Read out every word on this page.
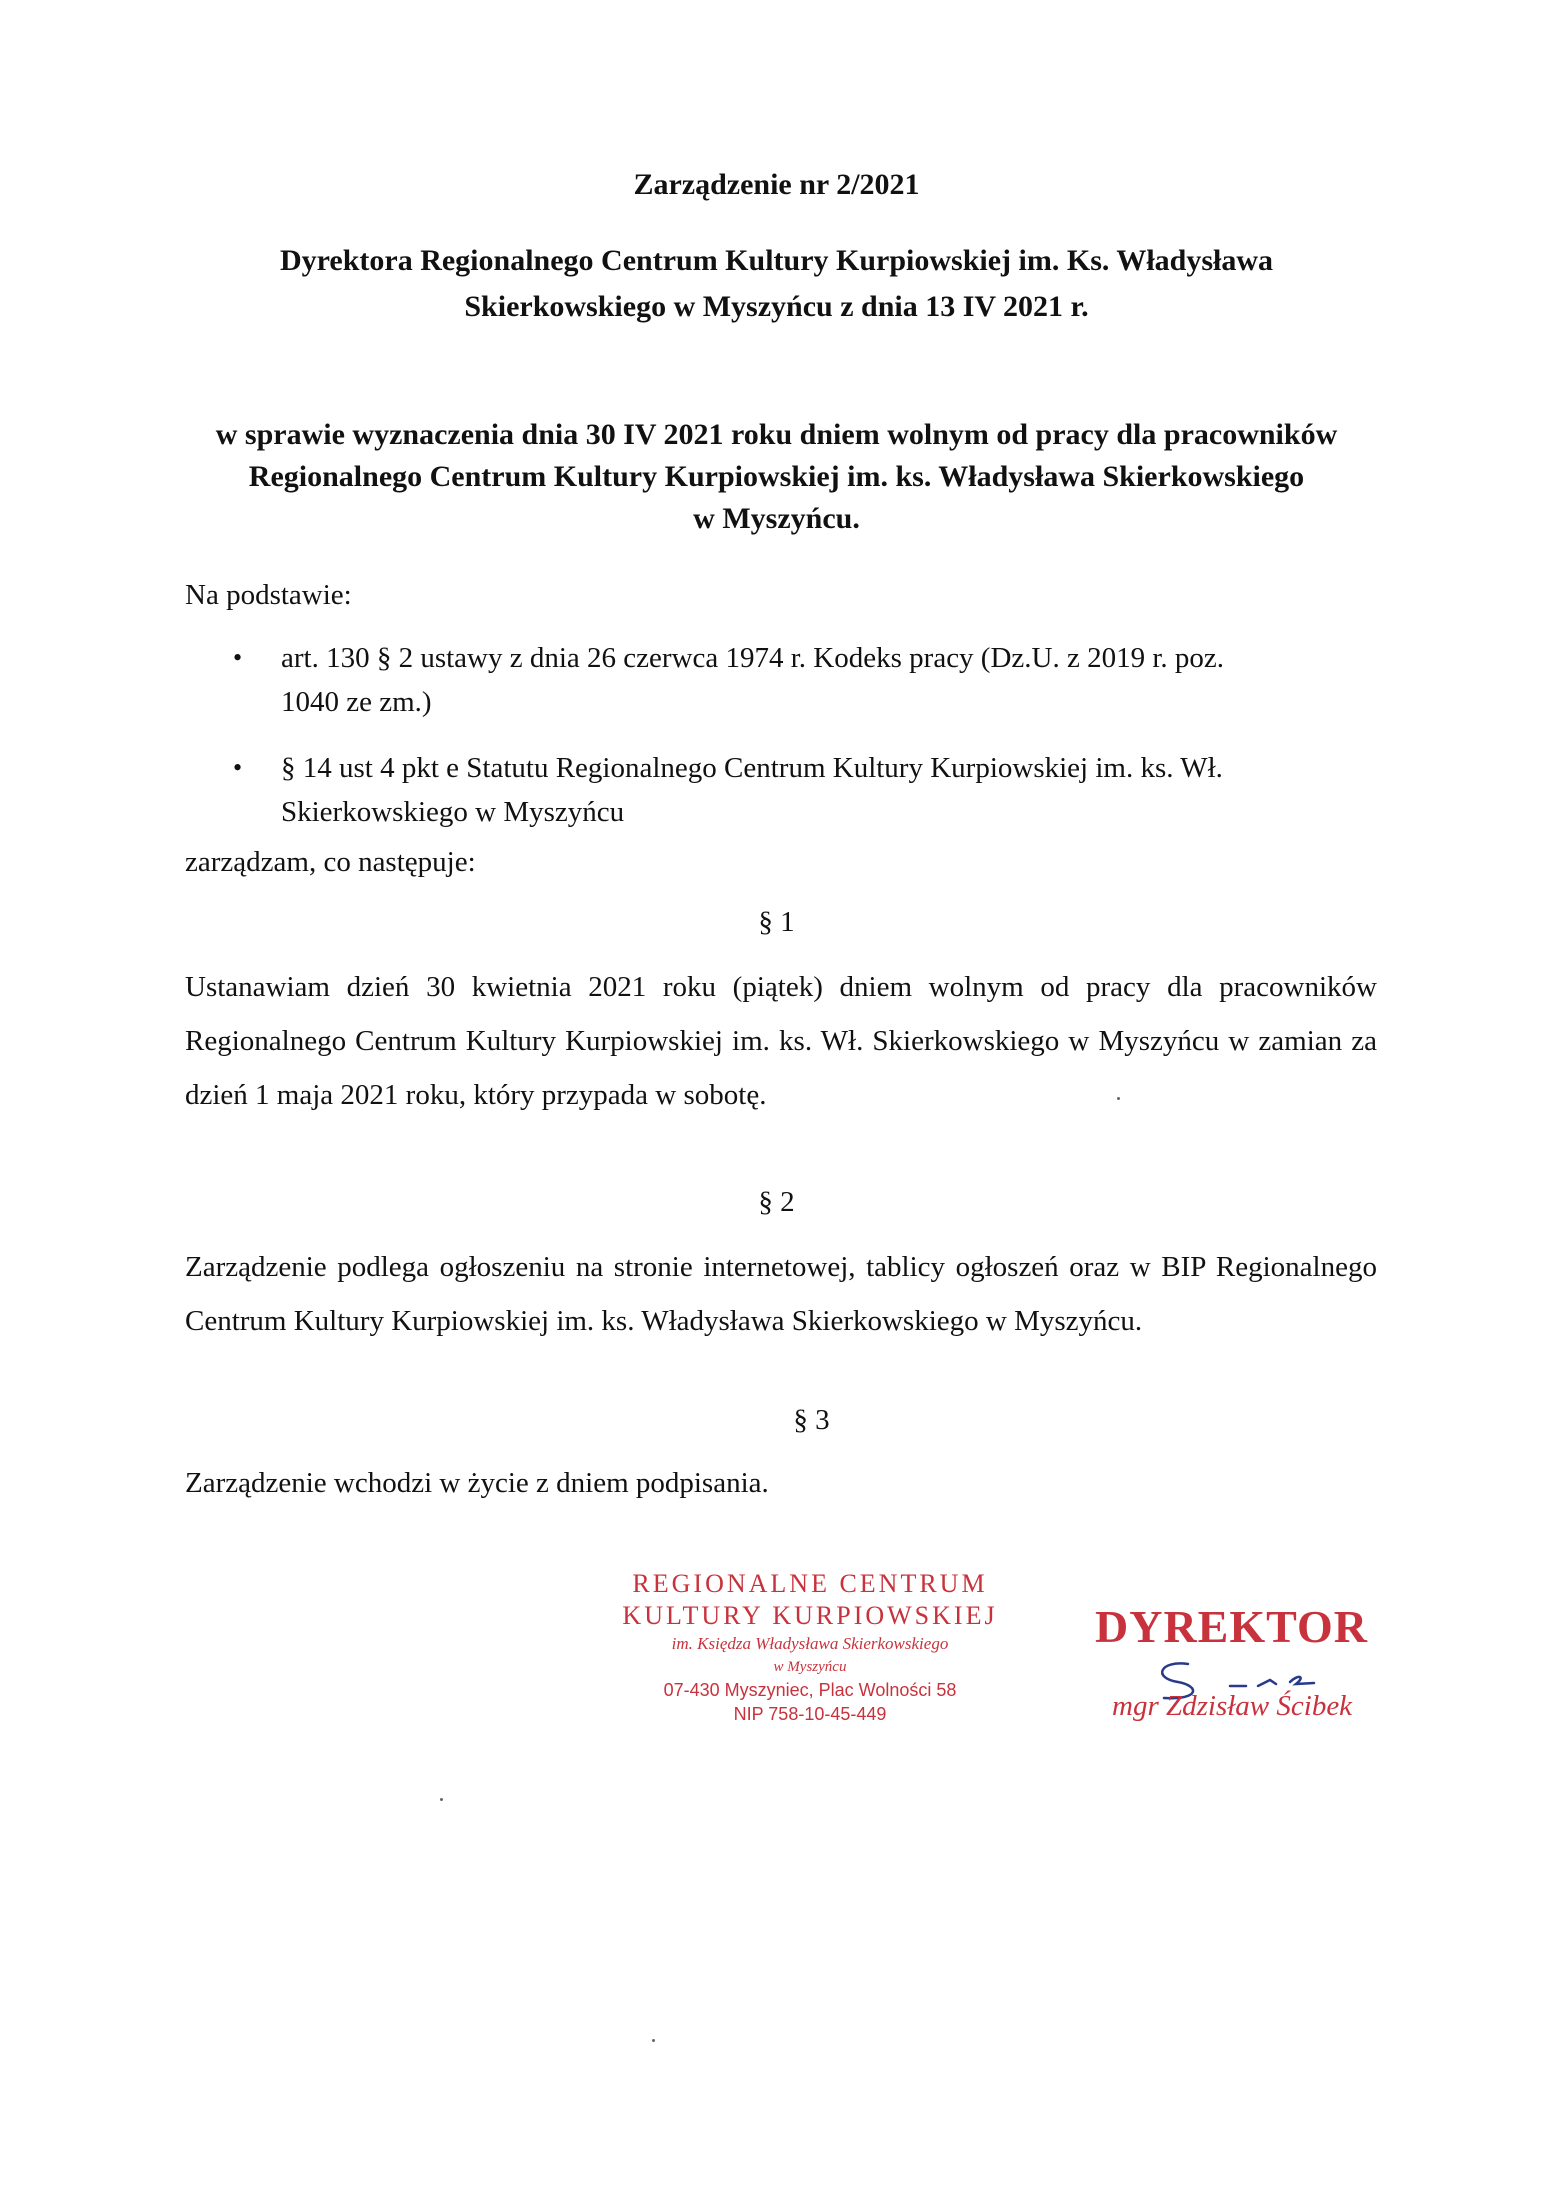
Zarządzenie nr 2/2021
Dyrektora Regionalnego Centrum Kultury Kurpiowskiej im. Ks. Władysława
Skierkowskiego w Myszyńcu z dnia 13 IV 2021 r.
w sprawie wyznaczenia dnia 30 IV 2021 roku dniem wolnym od pracy dla pracowników
Regionalnego Centrum Kultury Kurpiowskiej im. ks. Władysława Skierkowskiego
w Myszyńcu.
Na podstawie:
• art. 130 § 2 ustawy z dnia 26 czerwca 1974 r. Kodeks pracy (Dz.U. z 2019 r. poz.
1040 ze zm.)
• § 14 ust 4 pkt e Statutu Regionalnego Centrum Kultury Kurpiowskiej im. ks. Wł.
Skierkowskiego w Myszyńcu
zarządzam, co następuje:
§ 1
Ustanawiam dzień 30 kwietnia 2021 roku (piątek) dniem wolnym od pracy dla pracowników Regionalnego Centrum Kultury Kurpiowskiej im. ks. Wł. Skierkowskiego w Myszyńcu w zamian za dzień 1 maja 2021 roku, który przypada w sobotę.
§ 2
Zarządzenie podlega ogłoszeniu na stronie internetowej, tablicy ogłoszeń oraz w BIP Regionalnego Centrum Kultury Kurpiowskiej im. ks. Władysława Skierkowskiego w Myszyńcu.
§ 3
Zarządzenie wchodzi w życie z dniem podpisania.
REGIONALNE CENTRUM
KULTURY KURPIOWSKIEJ
im. Księdza Władysława Skierkowskiego
w Myszyńcu
07-430 Myszyniec, Plac Wolności 58
NIP 758-10-45-449
DYREKTOR
mgr Zdzisław Ścibek
